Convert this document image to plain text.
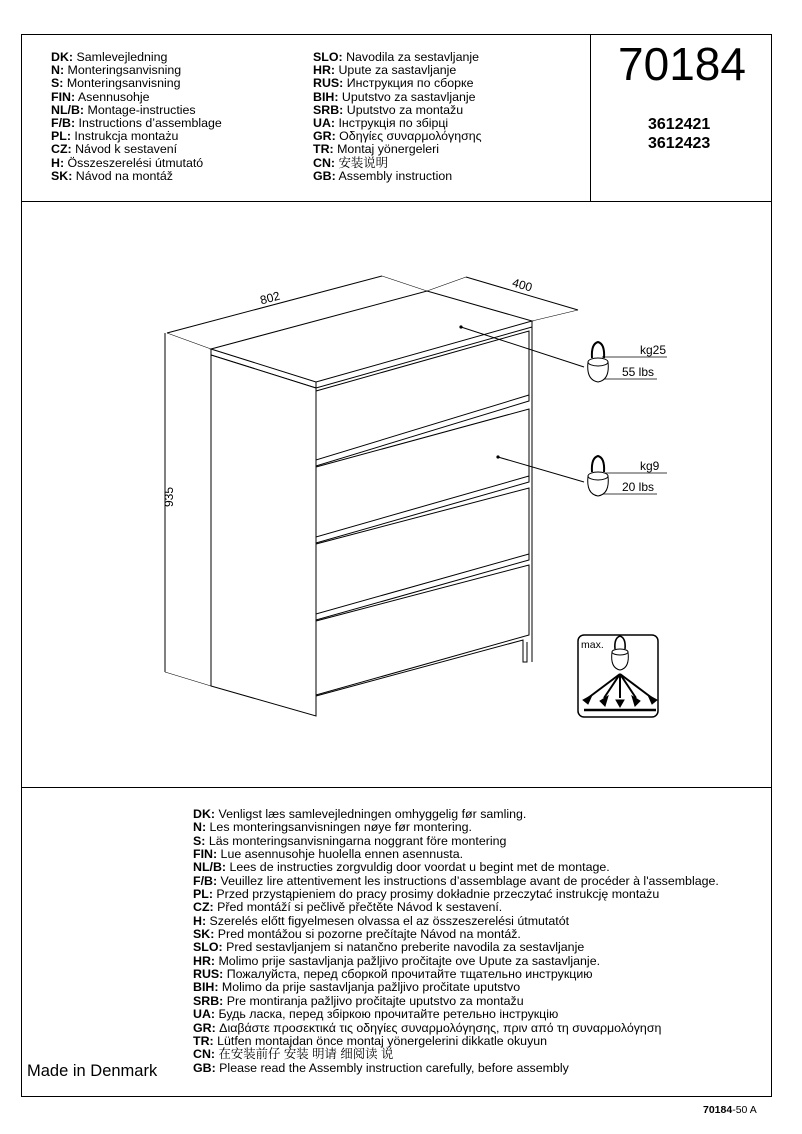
DK: Samlevejledning
N: Monteringsanvisning
S: Monteringsanvisning
FIN: Asennusohje
NL/B: Montage-instructies
F/B: Instructions d’assemblage
PL: Instrukcja montażu
CZ: Návod k sestavení
H: Összeszerelési útmutató
SK: Návod na montáž
SLO: Navodila za sestavljanje
HR: Upute za sastavljanje
RUS: Инструкция по сборке
BIH: Uputstvo za sastavljanje
SRB: Uputstvo za montažu
UA: Інструкція по збірці
GR: Οδηγίες συναρμολόγησης
TR: Montaj yönergeleri
CN: 安装说明
GB: Assembly instruction
70184
3612421
3612423
802
400
935
kg25
55 lbs
kg9
20 lbs
max.
DK: Venligst læs samlevejledningen omhyggelig før samling.
N: Les monteringsanvisningen nøye før montering.
S: Läs monteringsanvisningarna noggrant före montering
FIN: Lue asennusohje huolella ennen asennusta.
NL/B: Lees de instructies zorgvuldig door voordat u begint met de montage.
F/B: Veuillez lire attentivement les instructions d’assemblage avant de procéder à l'assemblage.
PL: Przed przystąpieniem do pracy prosimy dokładnie przeczytać instrukcję montażu
CZ: Před montáží si pečlivě přečtěte Návod k sestavení.
H: Szerelés előtt figyelmesen olvassa el az összeszerelési útmutatót
SK: Pred montážou si pozorne prečítajte Návod na montáž.
SLO: Pred sestavljanjem si natančno preberite navodila za sestavljanje
HR: Molimo prije sastavljanja pažljivo pročitajte ove Upute za sastavljanje.
RUS: Пожалуйста, перед сборкой прочитайте тщательно инструкцию
BIH: Molimo da prije sastavljanja pažljivo pročitate uputstvo
SRB: Pre montiranja pažljivo pročitajte uputstvo za montažu
UA: Будь ласка, перед збіркою прочитайте ретельно інструкцію
GR: Διαβάστε προσεκτικά τις οδηγίες συναρμολόγησης, πριν από τη συναρμολόγηση
TR: Lütfen montajdan önce montaj yönergelerini dikkatle okuyun
CN: 在安装前仔 安装 明请 细阅读 说
GB: Please read the Assembly instruction carefully, before assembly
Made in Denmark
70184-50 A
